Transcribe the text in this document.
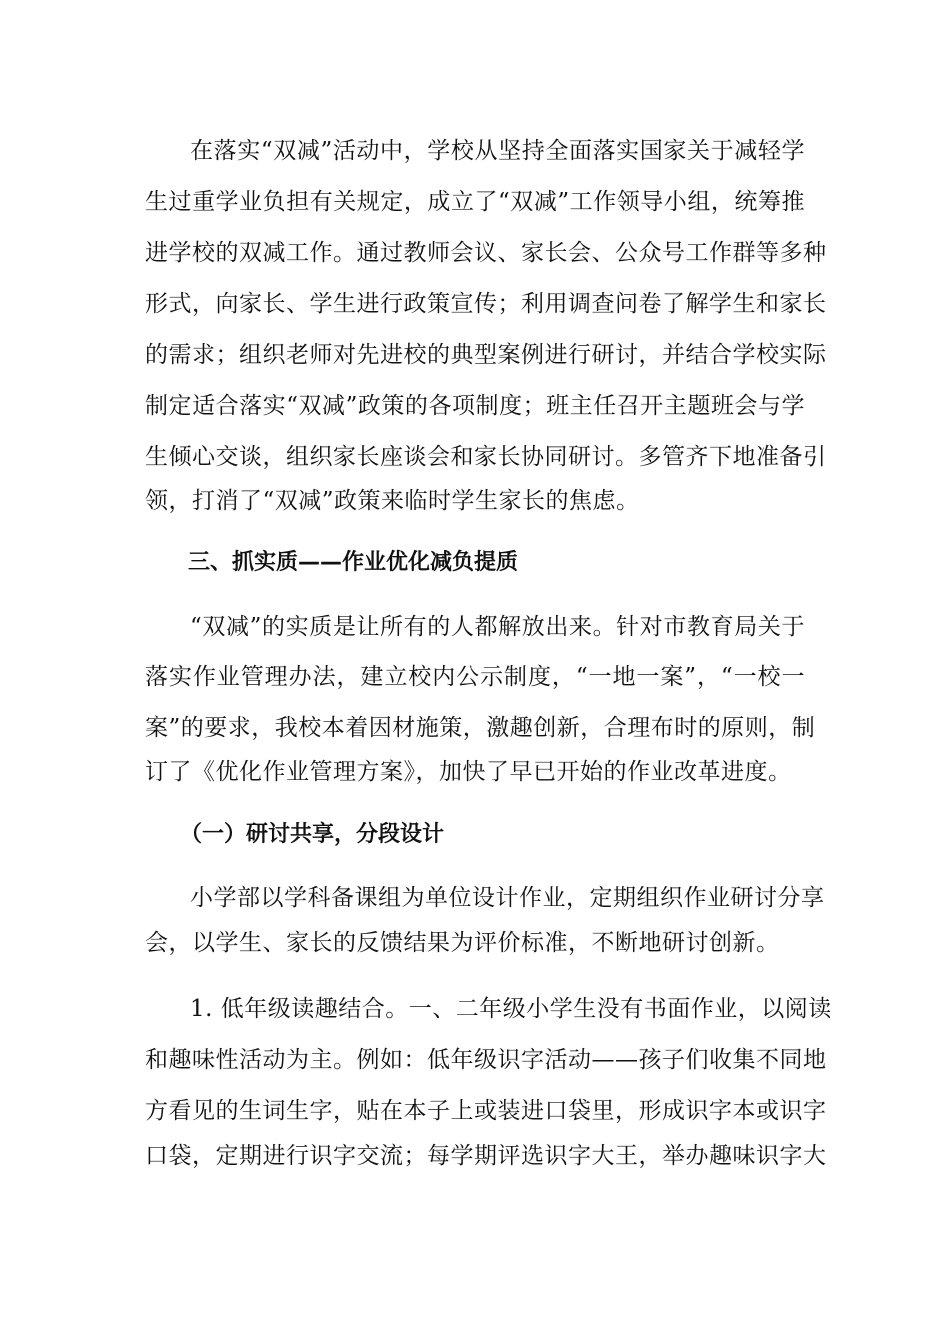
在落实“双减”活动中，学校从坚持全面落实国家关于减轻学
生过重学业负担有关规定，成立了“双减”工作领导小组，统筹推
进学校的双减工作。通过教师会议、家长会、公众号工作群等多种
形式，向家长、学生进行政策宣传；利用调查问卷了解学生和家长
的需求；组织老师对先进校的典型案例进行研讨，并结合学校实际
制定适合落实“双减”政策的各项制度；班主任召开主题班会与学
生倾心交谈，组织家长座谈会和家长协同研讨。多管齐下地准备引
领，打消了“双减”政策来临时学生家长的焦虑。
三、抓实质——作业优化减负提质
“双减”的实质是让所有的人都解放出来。针对市教育局关于
落实作业管理办法，建立校内公示制度，“一地一案”，“一校一
案”的要求，我校本着因材施策，激趣创新，合理布时的原则，制
订了《优化作业管理方案》，加快了早已开始的作业改革进度。
（一）研讨共享，分段设计
小学部以学科备课组为单位设计作业，定期组织作业研讨分享
会，以学生、家长的反馈结果为评价标准，不断地研讨创新。
1. 低年级读趣结合。一、二年级小学生没有书面作业，以阅读
和趣味性活动为主。例如：低年级识字活动——孩子们收集不同地
方看见的生词生字，贴在本子上或装进口袋里，形成识字本或识字
口袋，定期进行识字交流；每学期评选识字大王，举办趣味识字大
